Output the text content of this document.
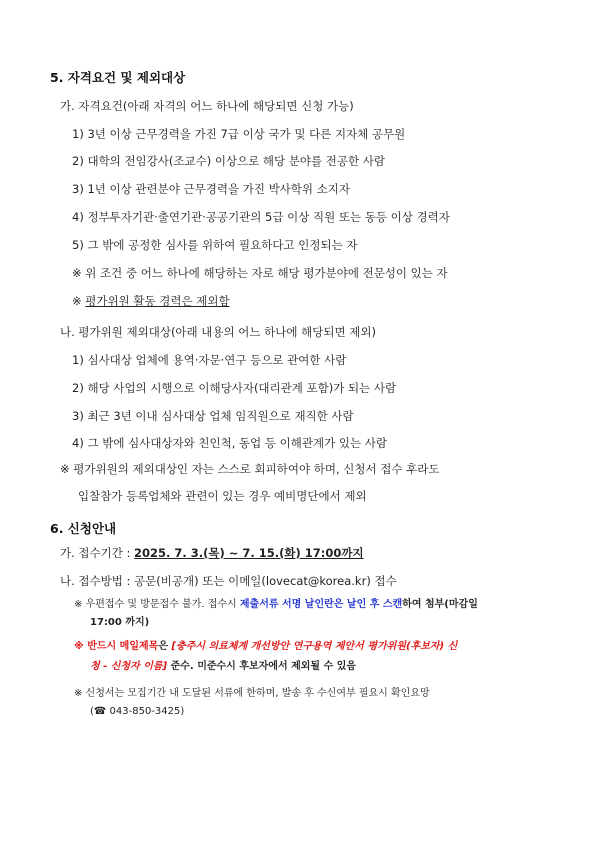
5. 자격요건 및 제외대상
가. 자격요건(아래 자격의 어느 하나에 해당되면 신청 가능)
1) 3년 이상 근무경력을 가진 7급 이상 국가 및 다른 지자체 공무원
2) 대학의 전임강사(조교수) 이상으로 해당 분야를 전공한 사람
3) 1년 이상 관련분야 근무경력을 가진 박사학위 소지자
4) 정부투자기관·출연기관·공공기관의 5급 이상 직원 또는 동등 이상 경력자
5) 그 밖에 공정한 심사를 위하여 필요하다고 인정되는 자
※ 위 조건 중 어느 하나에 해당하는 자로 해당 평가분야에 전문성이 있는 자
※ 평가위원 활동 경력은 제외함
나. 평가위원 제외대상(아래 내용의 어느 하나에 해당되면 제외)
1) 심사대상 업체에 용역·자문·연구 등으로 관여한 사람
2) 해당 사업의 시행으로 이해당사자(대리관계 포함)가 되는 사람
3) 최근 3년 이내 심사대상 업체 임직원으로 재직한 사람
4) 그 밖에 심사대상자와 친인척, 동업 등 이해관계가 있는 사람
※ 평가위원의 제외대상인 자는 스스로 회피하여야 하며, 신청서 접수 후라도
입찰참가 등록업체와 관련이 있는 경우 예비명단에서 제외
6. 신청안내
가. 접수기간 : 2025. 7. 3.(목) ~ 7. 15.(화) 17:00까지
나. 접수방법 : 공문(비공개) 또는 이메일(lovecat@korea.kr) 접수
※ 우편접수 및 방문접수 불가. 접수시 제출서류 서명 날인란은 날인 후 스캔하여 첨부(마감일
17:00 까지)
※ 반드시 메일제목은 [충주시 의료체계 개선방안 연구용역 제안서 평가위원(후보자) 신
청 - 신청자 이름] 준수. 미준수시 후보자에서 제외될 수 있음
※ 신청서는 모집기간 내 도달된 서류에 한하며, 발송 후 수신여부 필요시 확인요망
(☎ 043-850-3425)
